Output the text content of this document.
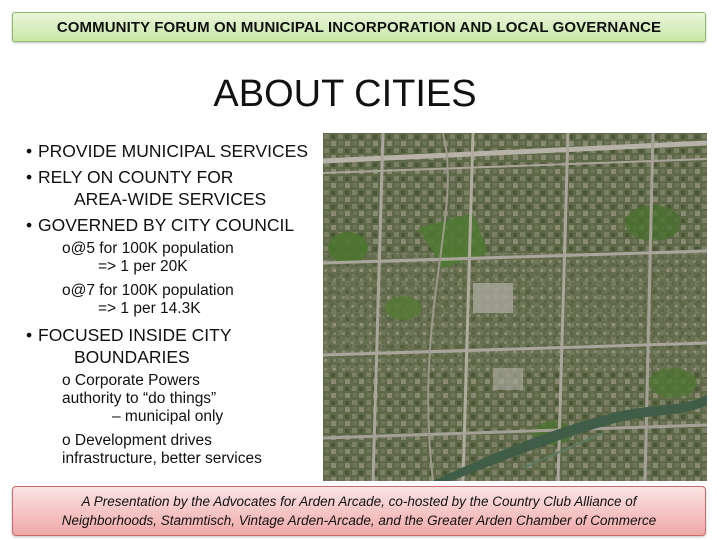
COMMUNITY FORUM ON MUNICIPAL INCORPORATION AND LOCAL GOVERNANCE
ABOUT CITIES
• PROVIDE MUNICIPAL SERVICES
• RELY ON COUNTY FOR
AREA-WIDE SERVICES
• GOVERNED BY CITY COUNCIL
o@5 for 100K population
=> 1 per 20K
o@7 for 100K population
=> 1 per 14.3K
• FOCUSED INSIDE CITY
BOUNDARIES
o Corporate Powers
authority to “do things”
– municipal only
o Development drives
infrastructure, better services
A Presentation by the Advocates for Arden Arcade, co-hosted by the Country Club Alliance of
Neighborhoods, Stammtisch, Vintage Arden-Arcade, and the Greater Arden Chamber of Commerce
